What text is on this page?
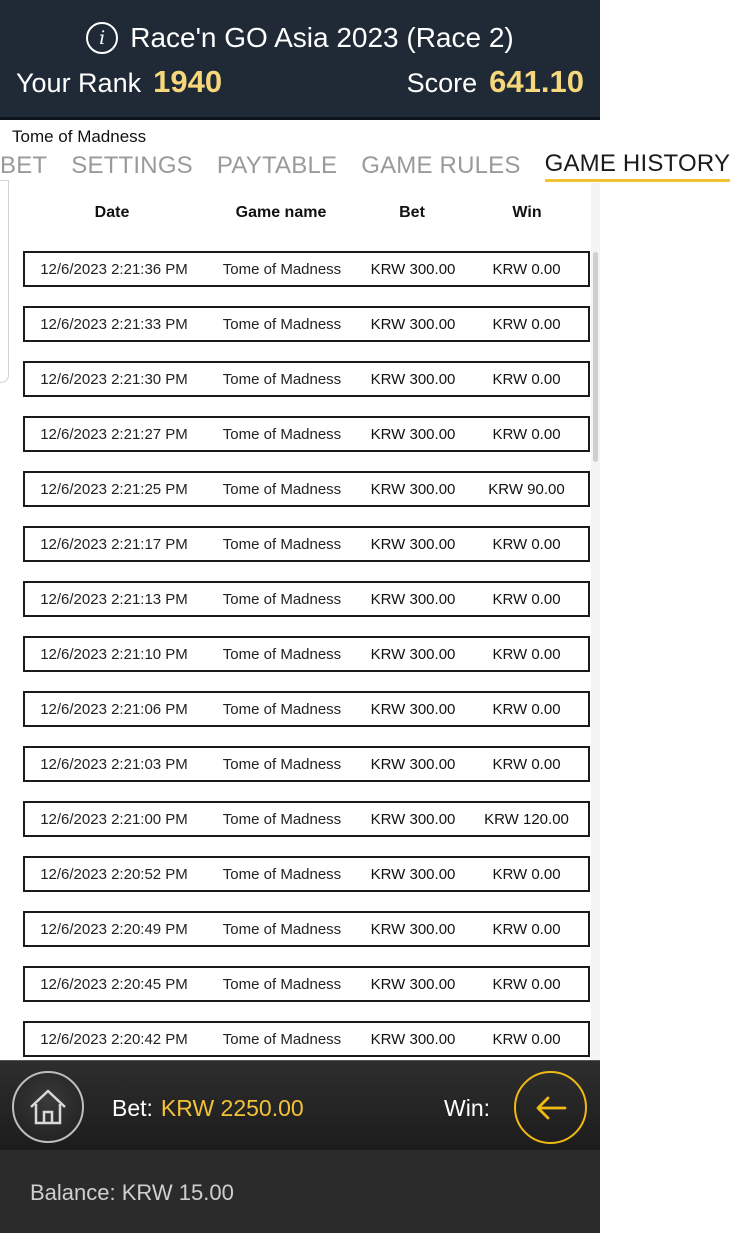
i Race'n GO Asia 2023 (Race 2)
Your Rank 1940	Score 641.10
Tome of Madness
BET SETTINGS PAYTABLE GAME RULES GAME HISTORY
Date	Game name	Bet	Win
12/6/2023 2:21:36 PM	Tome of Madness	KRW 300.00	KRW 0.00
12/6/2023 2:21:33 PM	Tome of Madness	KRW 300.00	KRW 0.00
12/6/2023 2:21:30 PM	Tome of Madness	KRW 300.00	KRW 0.00
12/6/2023 2:21:27 PM	Tome of Madness	KRW 300.00	KRW 0.00
12/6/2023 2:21:25 PM	Tome of Madness	KRW 300.00	KRW 90.00
12/6/2023 2:21:17 PM	Tome of Madness	KRW 300.00	KRW 0.00
12/6/2023 2:21:13 PM	Tome of Madness	KRW 300.00	KRW 0.00
12/6/2023 2:21:10 PM	Tome of Madness	KRW 300.00	KRW 0.00
12/6/2023 2:21:06 PM	Tome of Madness	KRW 300.00	KRW 0.00
12/6/2023 2:21:03 PM	Tome of Madness	KRW 300.00	KRW 0.00
12/6/2023 2:21:00 PM	Tome of Madness	KRW 300.00	KRW 120.00
12/6/2023 2:20:52 PM	Tome of Madness	KRW 300.00	KRW 0.00
12/6/2023 2:20:49 PM	Tome of Madness	KRW 300.00	KRW 0.00
12/6/2023 2:20:45 PM	Tome of Madness	KRW 300.00	KRW 0.00
12/6/2023 2:20:42 PM	Tome of Madness	KRW 300.00	KRW 0.00
Bet: KRW 2250.00	Win:
Balance: KRW 15.00
